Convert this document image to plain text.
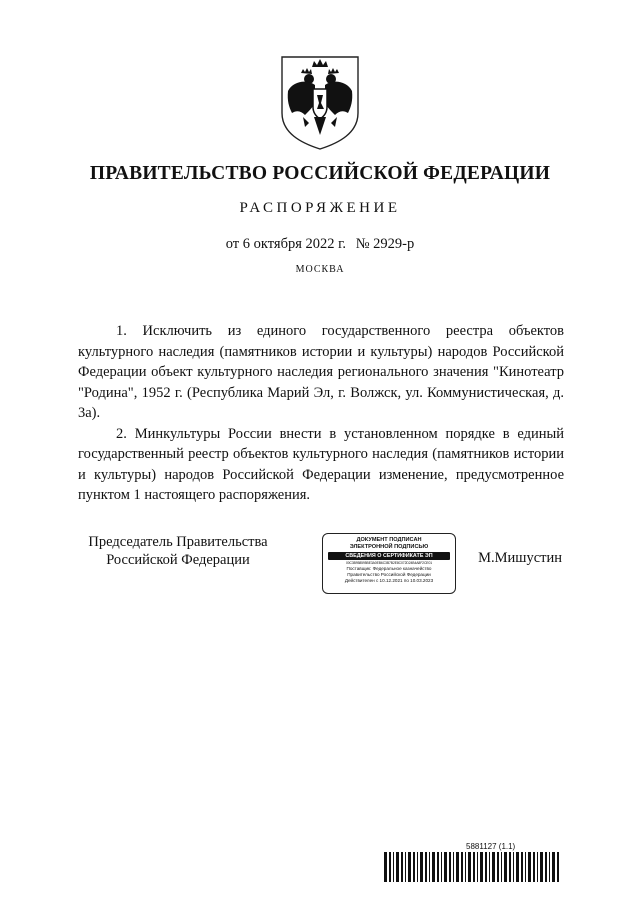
ПРАВИТЕЛЬСТВО РОССИЙСКОЙ ФЕДЕРАЦИИ
РАСПОРЯЖЕНИЕ
от 6 октября 2022 г. № 2929-р
МОСКВА

1. Исключить из единого государственного реестра объектов культурного наследия (памятников истории и культуры) народов Российской Федерации объект культурного наследия регионального значения "Кинотеатр "Родина", 1952 г. (Республика Марий Эл, г. Волжск, ул. Коммунистическая, д. 3а).

2. Минкультуры России внести в установленном порядке в единый государственный реестр объектов культурного наследия (памятников истории и культуры) народов Российской Федерации изменение, предусмотренное пунктом 1 настоящего распоряжения.

Председатель Правительства
Российской Федерации
ДОКУМЕНТ ПОДПИСАН
ЭЛЕКТРОННОЙ ПОДПИСЬЮ
СВЕДЕНИЯ О СЕРТИФИКАТЕ ЭП
00C3B958595BE3A0EB6C3B7B2E8C072D24B4A8F2CE01
Поставщик: Федеральное казначейство
Правительство Российской Федерации
Действителен с 10.12.2021 по 10.03.2023
М.Мишустин
5881127 (1.1)
